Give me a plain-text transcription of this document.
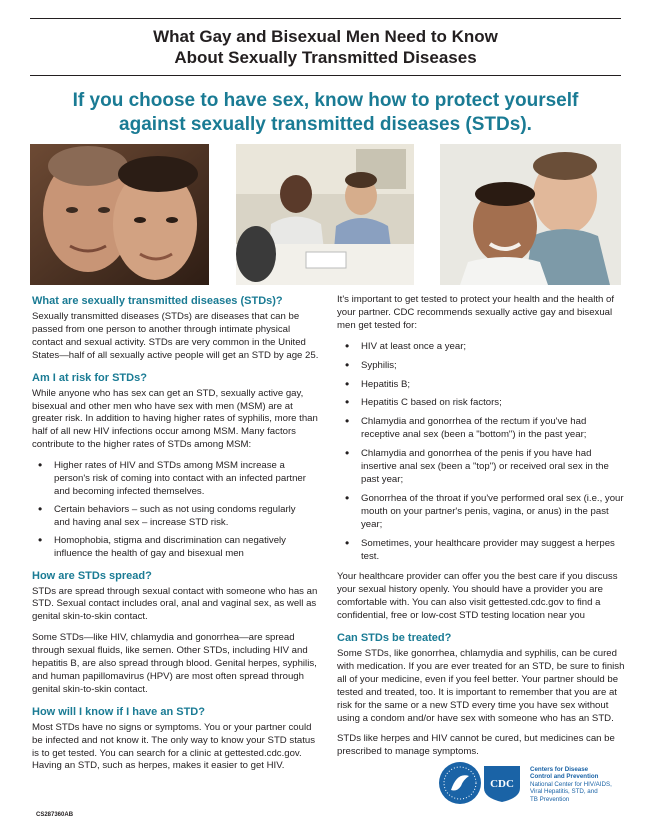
What Gay and Bisexual Men Need to Know
About Sexually Transmitted Diseases
If you choose to have sex, know how to protect yourself
against sexually transmitted diseases (STDs).
What are sexually transmitted diseases (STDs)?

Sexually transmitted diseases (STDs) are diseases that can be passed from one person to another through intimate physical contact and sexual activity. STDs are very common in the United States—half of all sexually active people will get an STD by age 25.

Am I at risk for STDs?

While anyone who has sex can get an STD, sexually active gay, bisexual and other men who have sex with men (MSM) are at greater risk. In addition to having higher rates of syphilis, more than half of all new HIV infections occur among MSM. Many factors contribute to the higher rates of STDs among MSM:

• Higher rates of HIV and STDs among MSM increase a person's risk of coming into contact with an infected partner and becoming infected themselves.
• Certain behaviors – such as not using condoms regularly and having anal sex – increase STD risk.
• Homophobia, stigma and discrimination can negatively influence the health of gay and bisexual men
How are STDs spread?

STDs are spread through sexual contact with someone who has an STD. Sexual contact includes oral, anal and vaginal sex, as well as genital skin-to-skin contact.

Some STDs—like HIV, chlamydia and gonorrhea—are spread through sexual fluids, like semen. Other STDs, including HIV and hepatitis B, are also spread through blood. Genital herpes, syphilis, and human papillomavirus (HPV) are most often spread through genital skin-to-skin contact.

How will I know if I have an STD?

Most STDs have no signs or symptoms. You or your partner could be infected and not know it. The only way to know your STD status is to get tested. You can search for a clinic at gettested.cdc.gov. Having an STD, such as herpes, makes it easier to get HIV.

It's important to get tested to protect your health and the health of your partner. CDC recommends sexually active gay and bisexual men get tested for:

• HIV at least once a year;
• Syphilis;
• Hepatitis B;
• Hepatitis C based on risk factors;
• Chlamydia and gonorrhea of the rectum if you've had receptive anal sex (been a "bottom") in the past year;
• Chlamydia and gonorrhea of the penis if you have had insertive anal sex (been a "top") or received oral sex in the past year;
• Gonorrhea of the throat if you've performed oral sex (i.e., your mouth on your partner's penis, vagina, or anus) in the past year;
• Sometimes, your healthcare provider may suggest a herpes test.

Your healthcare provider can offer you the best care if you discuss your sexual history openly. You should have a provider you are comfortable with. You can also visit gettested.cdc.gov to find a confidential, free or low-cost STD testing location near you

Can STDs be treated?

Some STDs, like gonorrhea, chlamydia and syphilis, can be cured with medication. If you are ever treated for an STD, be sure to finish all of your medicine, even if you feel better. Your partner should be tested and treated, too. It is important to remember that you are at risk for the same or a new STD every time you have sex without using a condom and/or have sex with someone who has an STD.

STDs like herpes and HIV cannot be cured, but medicines can be prescribed to manage symptoms.

CS287360AB
CDC
Centers for Disease
Control and Prevention
National Center for HIV/AIDS,
Viral Hepatitis, STD, and
TB Prevention
